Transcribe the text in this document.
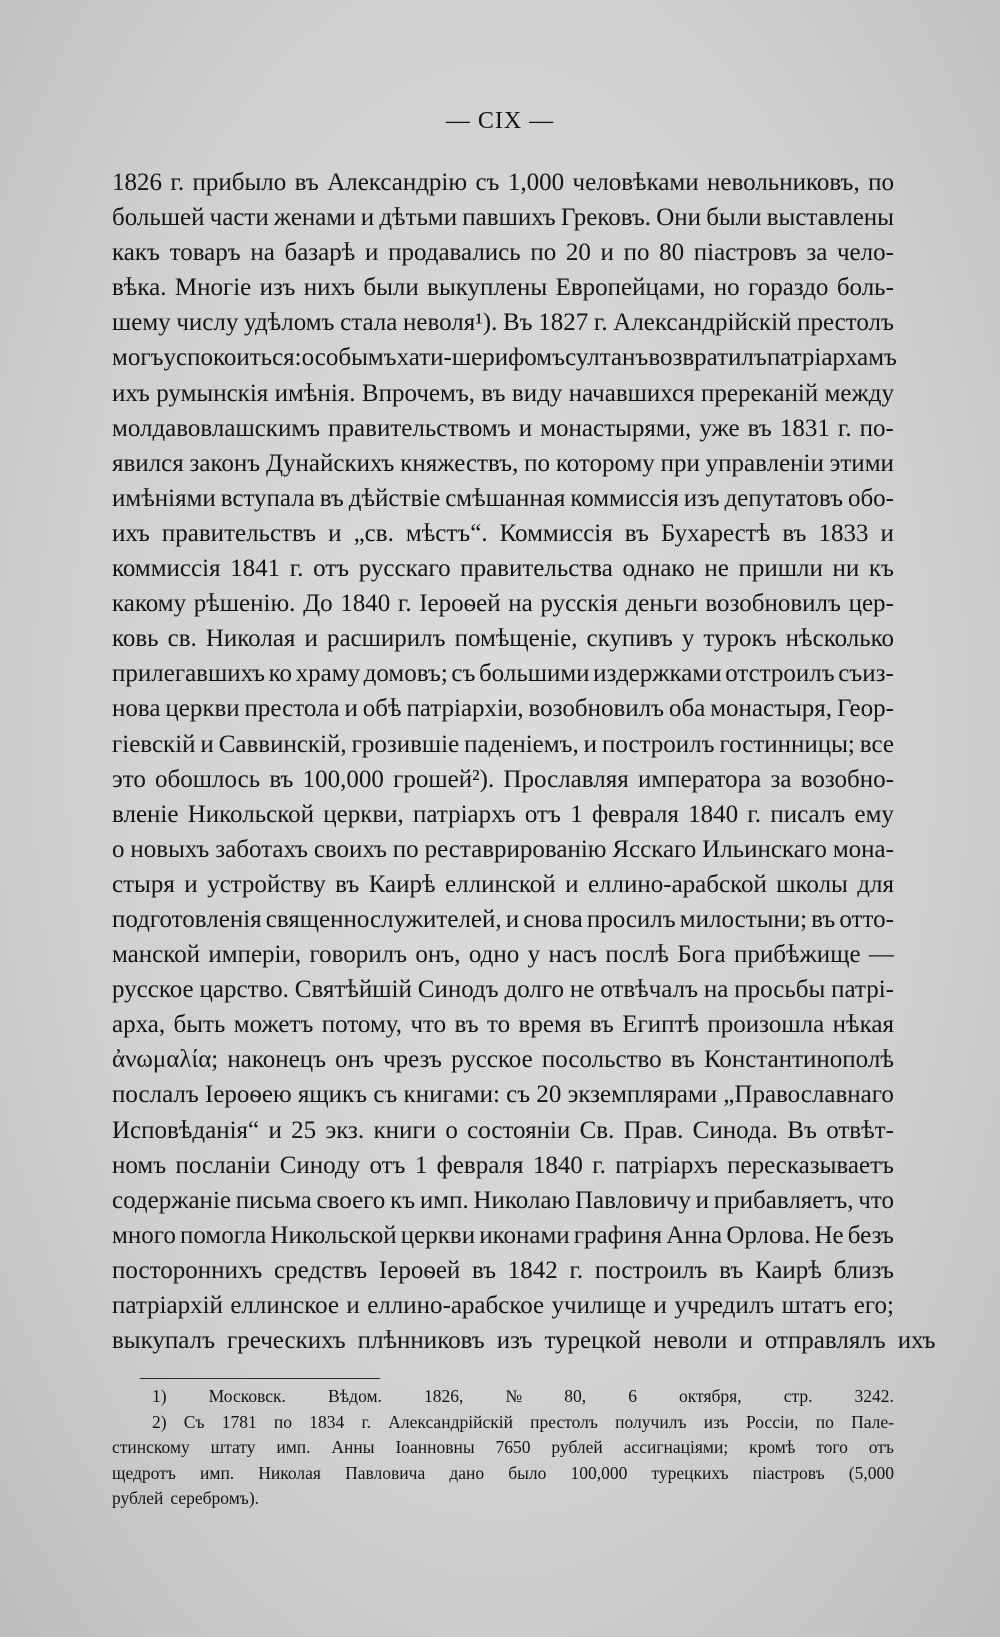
— CIX —
1826 г. прибыло въ Александрію съ 1,000 человѣками невольниковъ, по
большей части женами и дѣтьми павшихъ Грековъ. Они были выставлены
какъ товаръ на базарѣ и продавались по 20 и по 80 піастровъ за чело-
вѣка. Многіе изъ нихъ были выкуплены Европейцами, но гораздо боль-
шему числу удѣломъ стала неволя¹). Въ 1827 г. Александрійскій престолъ
могъ успокоиться: особымъ хати-шерифомъ султанъ возвратилъ патріархамъ
ихъ румынскія имѣнія. Впрочемъ, въ виду начавшихся пререканій между
молдавовлашскимъ правительствомъ и монастырями, уже въ 1831 г. по-
явился законъ Дунайскихъ княжествъ, по которому при управленіи этими
имѣніями вступала въ дѣйствіе смѣшанная коммиссія изъ депутатовъ обо-
ихъ правительствъ и „св. мѣстъ“. Коммиссія въ Бухарестѣ въ 1833 и
коммиссія 1841 г. отъ русскаго правительства однако не пришли ни къ
какому рѣшенію. До 1840 г. Іероѳей на русскія деньги возобновилъ цер-
ковь св. Николая и расширилъ помѣщеніе, скупивъ у турокъ нѣсколько
прилегавшихъ ко храму домовъ; съ большими издержками отстроилъ съиз-
нова церкви престола и обѣ патріархіи, возобновилъ оба монастыря, Геор-
гіевскій и Саввинскій, грозившіе паденіемъ, и построилъ гостинницы; все
это обошлось въ 100,000 грошей²). Прославляя императора за возобно-
вленіе Никольской церкви, патріархъ отъ 1 февраля 1840 г. писалъ ему
о новыхъ заботахъ своихъ по реставрированію Ясскаго Ильинскаго мона-
стыря и устройству въ Каирѣ еллинской и еллино-арабской школы для
подготовленія священнослужителей, и снова просилъ милостыни; въ отто-
манской имперіи, говорилъ онъ, одно у насъ послѣ Бога прибѣжище —
русское царство. Святѣйшій Синодъ долго не отвѣчалъ на просьбы патрі-
арха, быть можетъ потому, что въ то время въ Египтѣ произошла нѣкая
ἀνωμαλία; наконецъ онъ чрезъ русское посольство въ Константинополѣ
послалъ Іероѳею ящикъ съ книгами: съ 20 экземплярами „Православнаго
Исповѣданія“ и 25 экз. книги о состояніи Св. Прав. Синода. Въ отвѣт-
номъ посланіи Синоду отъ 1 февраля 1840 г. патріархъ пересказываетъ
содержаніе письма своего къ имп. Николаю Павловичу и прибавляетъ, что
много помогла Никольской церкви иконами графиня Анна Орлова. Не безъ
постороннихъ средствъ Іероѳей въ 1842 г. построилъ въ Каирѣ близъ
патріархій еллинское и еллино-арабское училище и учредилъ штатъ его;
выкупалъ греческихъ плѣнниковъ изъ турецкой неволи и отправлялъ ихъ
1) Московск. Вѣдом. 1826, № 80, 6 октября, стр. 3242.
2) Съ 1781 по 1834 г. Александрійскій престолъ получилъ изъ Россіи, по Пале-
стинскому штату имп. Анны Іоанновны 7650 рублей ассигнаціями; кромѣ того отъ
щедротъ имп. Николая Павловича дано было 100,000 турецкихъ піастровъ (5,000
рублей серебромъ).
